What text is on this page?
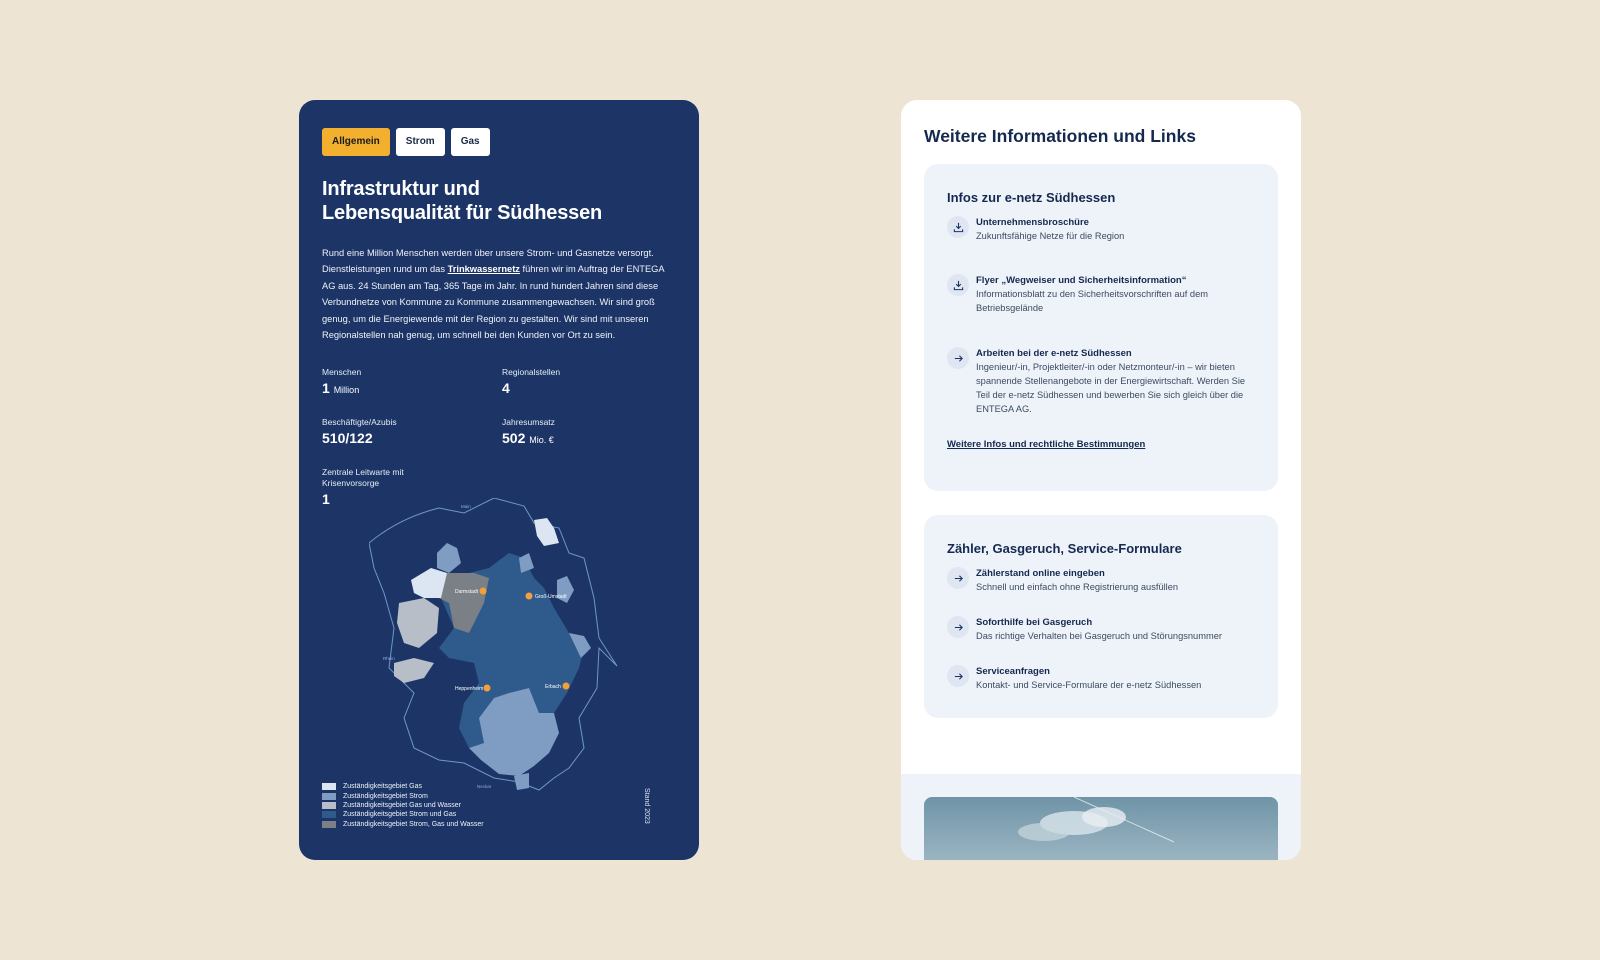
Allgemein	Strom	Gas
Infrastruktur und
Lebensqualität für Südhessen

Rund eine Million Menschen werden über unsere Strom- und Gasnetze versorgt. Dienstleistungen rund um das Trinkwassernetz führen wir im Auftrag der ENTEGA AG aus. 24 Stunden am Tag, 365 Tage im Jahr. In rund hundert Jahren sind diese Verbundnetze von Kommune zu Kommune zusammengewachsen. Wir sind groß genug, um die Energiewende mit der Region zu gestalten. Wir sind mit unseren Regionalstellen nah genug, um schnell bei den Kunden vor Ort zu sein.

Menschen
1 Million
Regionalstellen
4
Beschäftigte/Azubis
510/122
Jahresumsatz
502 Mio. €
Zentrale Leitwarte mit Krisenvorsorge
1
Darmstadt
Groß-Umstadt
Heppenheim	Erbach
Main
Rhein
Neckar
Zuständigkeitsgebiet Gas
Zuständigkeitsgebiet Strom
Zuständigkeitsgebiet Gas und Wasser
Zuständigkeitsgebiet Strom und Gas
Zuständigkeitsgebiet Strom, Gas und Wasser
Stand 2023
Weitere Informationen und Links
Infos zur e-netz Südhessen
Unternehmensbroschüre
Zukunftsfähige Netze für die Region
Flyer „Wegweiser und Sicherheitsinformation“
Informationsblatt zu den Sicherheitsvorschriften auf dem Betriebsgelände
Arbeiten bei der e-netz Südhessen
Ingenieur/-in, Projektleiter/-in oder Netzmonteur/-in – wir bieten spannende Stellenangebote in der Energiewirtschaft. Werden Sie Teil der e-netz Südhessen und bewerben Sie sich gleich über die ENTEGA AG.
Weitere Infos und rechtliche Bestimmungen
Zähler, Gasgeruch, Service-Formulare
Zählerstand online eingeben
Schnell und einfach ohne Registrierung ausfüllen
Soforthilfe bei Gasgeruch
Das richtige Verhalten bei Gasgeruch und Störungsnummer
Serviceanfragen
Kontakt- und Service-Formulare der e-netz Südhessen
